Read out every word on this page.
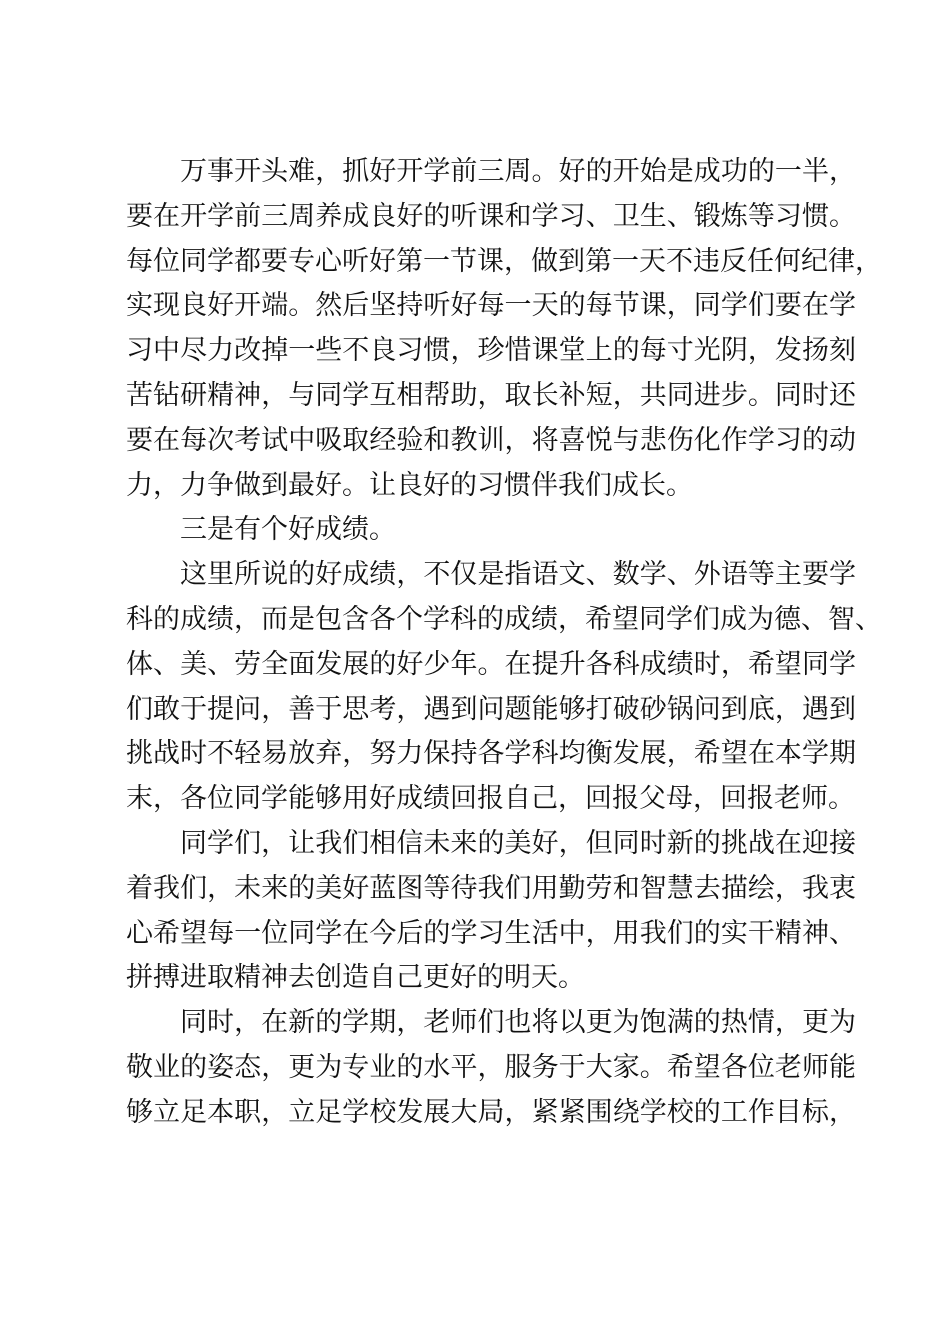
万事开头难，抓好开学前三周。好的开始是成功的一半，
要在开学前三周养成良好的听课和学习、卫生、锻炼等习惯。
每位同学都要专心听好第一节课，做到第一天不违反任何纪律，
实现良好开端。然后坚持听好每一天的每节课，同学们要在学
习中尽力改掉一些不良习惯，珍惜课堂上的每寸光阴，发扬刻
苦钻研精神，与同学互相帮助，取长补短，共同进步。同时还
要在每次考试中吸取经验和教训，将喜悦与悲伤化作学习的动
力，力争做到最好。让良好的习惯伴我们成长。
三是有个好成绩。
这里所说的好成绩，不仅是指语文、数学、外语等主要学
科的成绩，而是包含各个学科的成绩，希望同学们成为德、智、
体、美、劳全面发展的好少年。在提升各科成绩时，希望同学
们敢于提问，善于思考，遇到问题能够打破砂锅问到底，遇到
挑战时不轻易放弃，努力保持各学科均衡发展，希望在本学期
末，各位同学能够用好成绩回报自己，回报父母，回报老师。
同学们，让我们相信未来的美好，但同时新的挑战在迎接
着我们，未来的美好蓝图等待我们用勤劳和智慧去描绘，我衷
心希望每一位同学在今后的学习生活中，用我们的实干精神、
拼搏进取精神去创造自己更好的明天。
同时，在新的学期，老师们也将以更为饱满的热情，更为
敬业的姿态，更为专业的水平，服务于大家。希望各位老师能
够立足本职，立足学校发展大局，紧紧围绕学校的工作目标，
